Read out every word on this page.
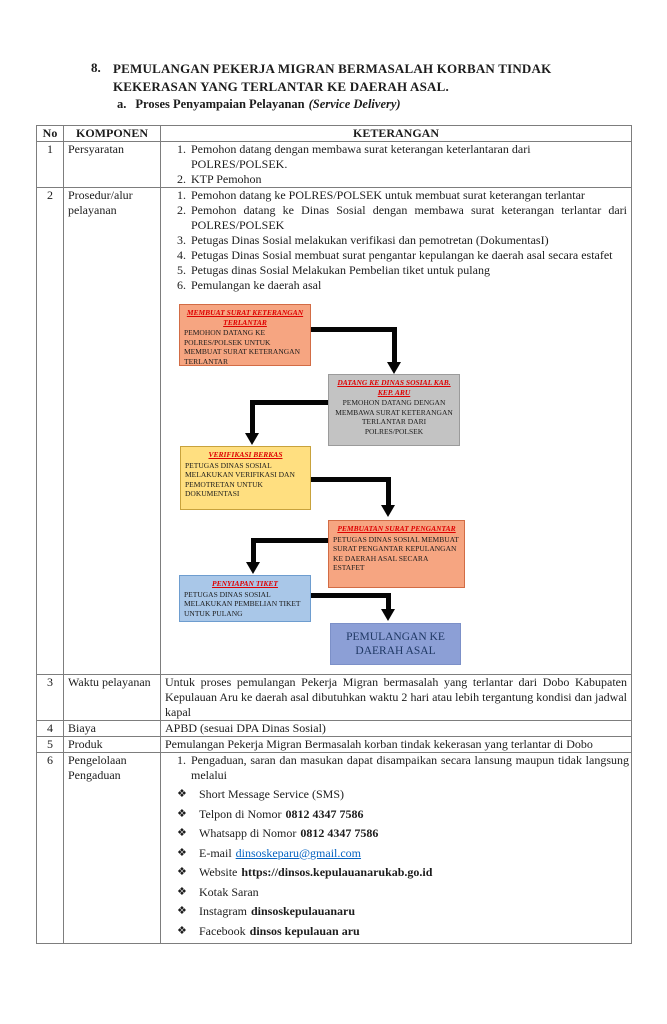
8. PEMULANGAN PEKERJA MIGRAN BERMASALAH KORBAN TINDAK
KEKERASAN YANG TERLANTAR KE DAERAH ASAL.
a. Proses Penyampaian Pelayanan (Service Delivery)
No	KOMPONEN	KETERANGAN
1	Persyaratan	
1.Pemohon datang dengan membawa surat keterangan keterlantaran dari POLRES/POLSEK.
2. KTP Pemohon

2	Prosedur/alur pelayanan	
1. Pemohon datang ke POLRES/POLSEK untuk membuat surat keterangan terlantar
2. Pemohon datang ke Dinas Sosial dengan membawa surat keterangan terlantar dari POLRES/POLSEK
3. Petugas Dinas Sosial melakukan verifikasi dan pemotretan (DokumentasI)
4. Petugas Dinas Sosial membuat surat pengantar kepulangan ke daerah asal secara estafet
5. Petugas dinas Sosial Melakukan Pembelian tiket untuk pulang
6. Pemulangan ke daerah asal
MEMBUAT SURAT KETERANGAN TERLANTAR
PEMOHON DATANG KE POLRES/POLSEK UNTUK MEMBUAT SURAT KETERANGAN TERLANTAR
DATANG KE DINAS SOSIAL KAB. KEP. ARU
PEMOHON DATANG DENGAN MEMBAWA SURAT KETERANGAN TERLANTAR DARI POLRES/POLSEK
VERIFIKASI BERKAS
PETUGAS DINAS SOSIAL MELAKUKAN VERIFIKASI DAN PEMOTRETAN UNTUK DOKUMENTASI
PEMBUATAN SURAT PENGANTAR
PETUGAS DINAS SOSIAL MEMBUAT SURAT PENGANTAR KEPULANGAN KE DAERAH ASAL SECARA ESTAFET
PENYIAPAN TIKET
PETUGAS DINAS SOSIAL MELAKUKAN PEMBELIAN TIKET UNTUK PULANG
PEMULANGAN KE DAERAH ASAL

3	Waktu pelayanan	Untuk proses pemulangan Pekerja Migran bermasalah yang terlantar dari Dobo Kabupaten Kepulauan Aru ke daerah asal dibutuhkan waktu 2 hari atau lebih tergantung kondisi dan jadwal kapal

4	Biaya	APBD (sesuai DPA Dinas Sosial)

5	Produk	Pemulangan Pekerja Migran Bermasalah korban tindak kekerasan yang terlantar di Dobo

6	Pengelolaan Pengaduan	
1. Pengaduan, saran dan masukan dapat disampaikan secara lansung maupun tidak langsung melalui
❖ Short Message Service (SMS)
❖ Telpon di Nomor 0812 4347 7586
❖ Whatsapp di Nomor 0812 4347 7586
❖ E-mail dinsoskeparu@gmail.com
❖ Website https://dinsos.kepulauanarukab.go.id
❖ Kotak Saran
❖ Instagram dinsoskepulauanaru
❖ Facebook dinsos kepulauan aru
